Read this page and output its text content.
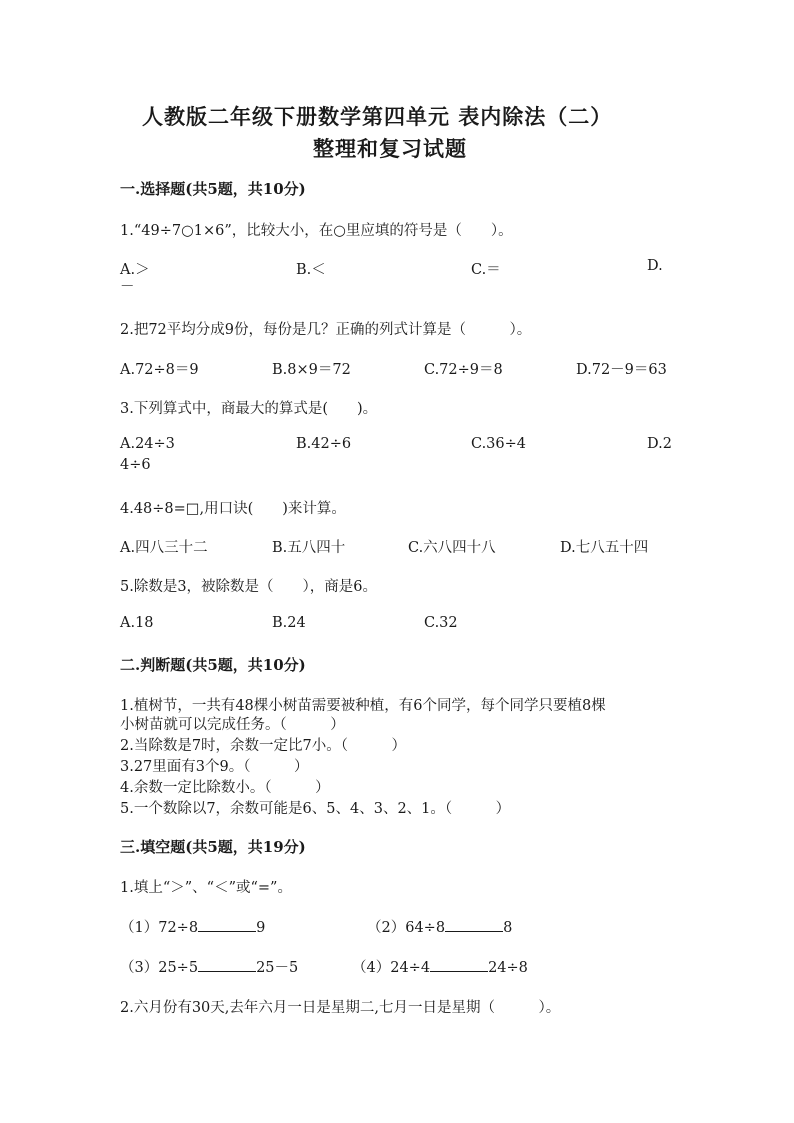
人教版二年级下册数学第四单元 表内除法（二）
整理和复习试题
一.选择题(共5题，共10分)
1.“49÷7○1×6”，比较大小，在○里应填的符号是（　　）。
A.＞	B.＜	C.＝	D.
－
2.把72平均分成9份，每份是几？正确的列式计算是（　　　）。
A.72÷8＝9	B.8×9＝72	C.72÷9＝8	D.72－9＝63
3.下列算式中，商最大的算式是(　　)。
A.24÷3	B.42÷6	C.36÷4	D.2
4÷6
4.48÷8=□,用口诀(　　)来计算。
A.四八三十二	B.五八四十	C.六八四十八	D.七八五十四
5.除数是3，被除数是（　　），商是6。
A.18	B.24	C.32
二.判断题(共5题，共10分)
1.植树节，一共有48棵小树苗需要被种植，有6个同学，每个同学只要植8棵
小树苗就可以完成任务。（　　　）
2.当除数是7时，余数一定比7小。（　　　）
3.27里面有3个9。（　　　）
4.余数一定比除数小。（　　　）
5.一个数除以7，余数可能是6、5、4、3、2、1。（　　　）
三.填空题(共5题，共19分)
1.填上“＞”、“＜”或“=”。
（1）72÷8	9	（2）64÷8	8
（3）25÷5	25－5	（4）24÷4	24÷8
2.六月份有30天,去年六月一日是星期二,七月一日是星期（　　　）。
